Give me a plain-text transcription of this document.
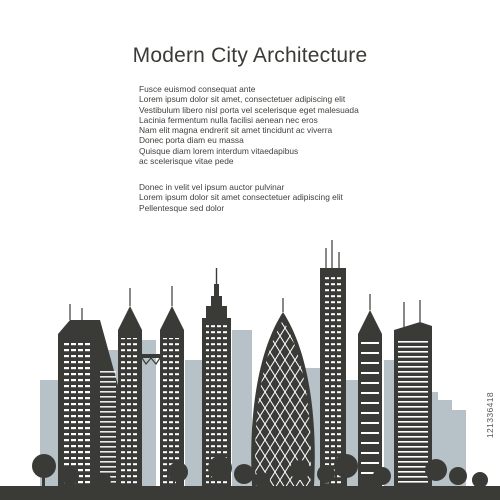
Modern City Architecture
Fusce euismod consequat ante
Lorem ipsum dolor sit amet, consectetuer adipiscing elit
Vestibulum libero nisl porta vel scelerisque eget malesuada
Lacinia fermentum nulla facilisi aenean nec eros
Nam elit magna endrerit sit amet tincidunt ac viverra
Donec porta diam eu massa
Quisque diam lorem interdum vitaedapibus
ac scelerisque vitae pede
Donec in velit vel ipsum auctor pulvinar
Lorem ipsum dolor sit amet consectetuer adipiscing elit
Pellentesque sed dolor
121336418
